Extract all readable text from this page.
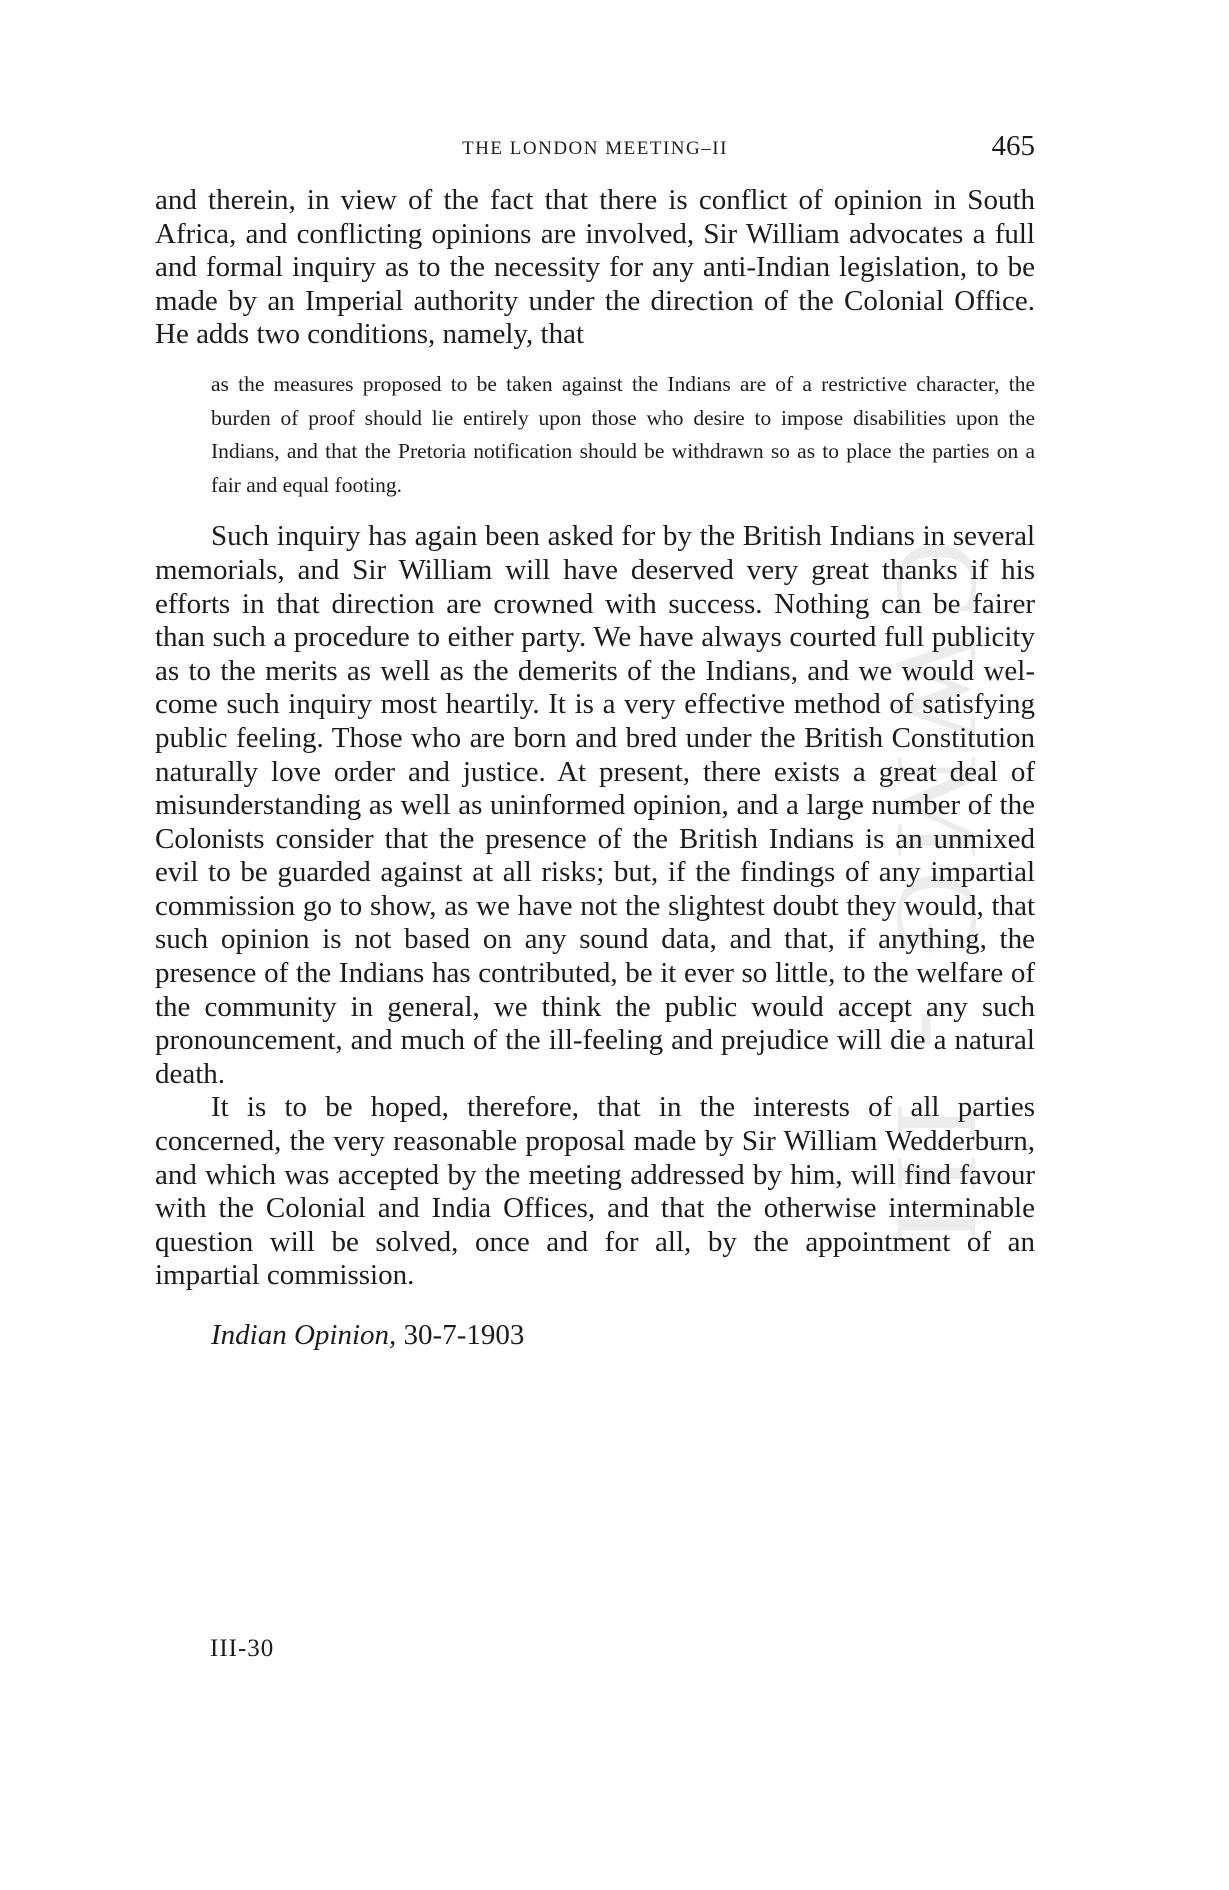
CWMG - III
THE LONDON MEETING–II	465

and therein, in view of the fact that there is conflict of opinion in South Africa, and conflicting opinions are involved, Sir William advocates a full and formal inquiry as to the necessity for any anti-Indian legislation, to be made by an Imperial authority under the direction of the Colonial Office. He adds two conditions, namely, that

as the measures proposed to be taken against the Indians are of a restrictive character, the burden of proof should lie entirely upon those who desire to impose disabilities upon the Indians, and that the Pretoria notification should be withdrawn so as to place the parties on a fair and equal footing.

Such inquiry has again been asked for by the British Indians in several memorials, and Sir William will have deserved very great thanks if his efforts in that direction are crowned with success. Nothing can be fairer than such a procedure to either party. We have always courted full publicity as to the merits as well as the demerits of the Indians, and we would welcome such inquiry most heartily. It is a very effective method of satisfying public feeling. Those who are born and bred under the British Constitution naturally love order and justice. At present, there exists a great deal of misunderstanding as well as uninformed opinion, and a large number of the Colonists consider that the presence of the British Indians is an unmixed evil to be guarded against at all risks; but, if the findings of any impartial commission go to show, as we have not the slightest doubt they would, that such opinion is not based on any sound data, and that, if anything, the presence of the Indians has contributed, be it ever so little, to the welfare of the community in general, we think the public would accept any such pronouncement, and much of the ill-feeling and prejudice will die a natural death.

It is to be hoped, therefore, that in the interests of all parties concerned, the very reasonable proposal made by Sir William Wedderburn, and which was accepted by the meeting addressed by him, will find favour with the Colonial and India Offices, and that the otherwise interminable question will be solved, once and for all, by the appointment of an impartial commission.

Indian Opinion, 30-7-1903
III-30
